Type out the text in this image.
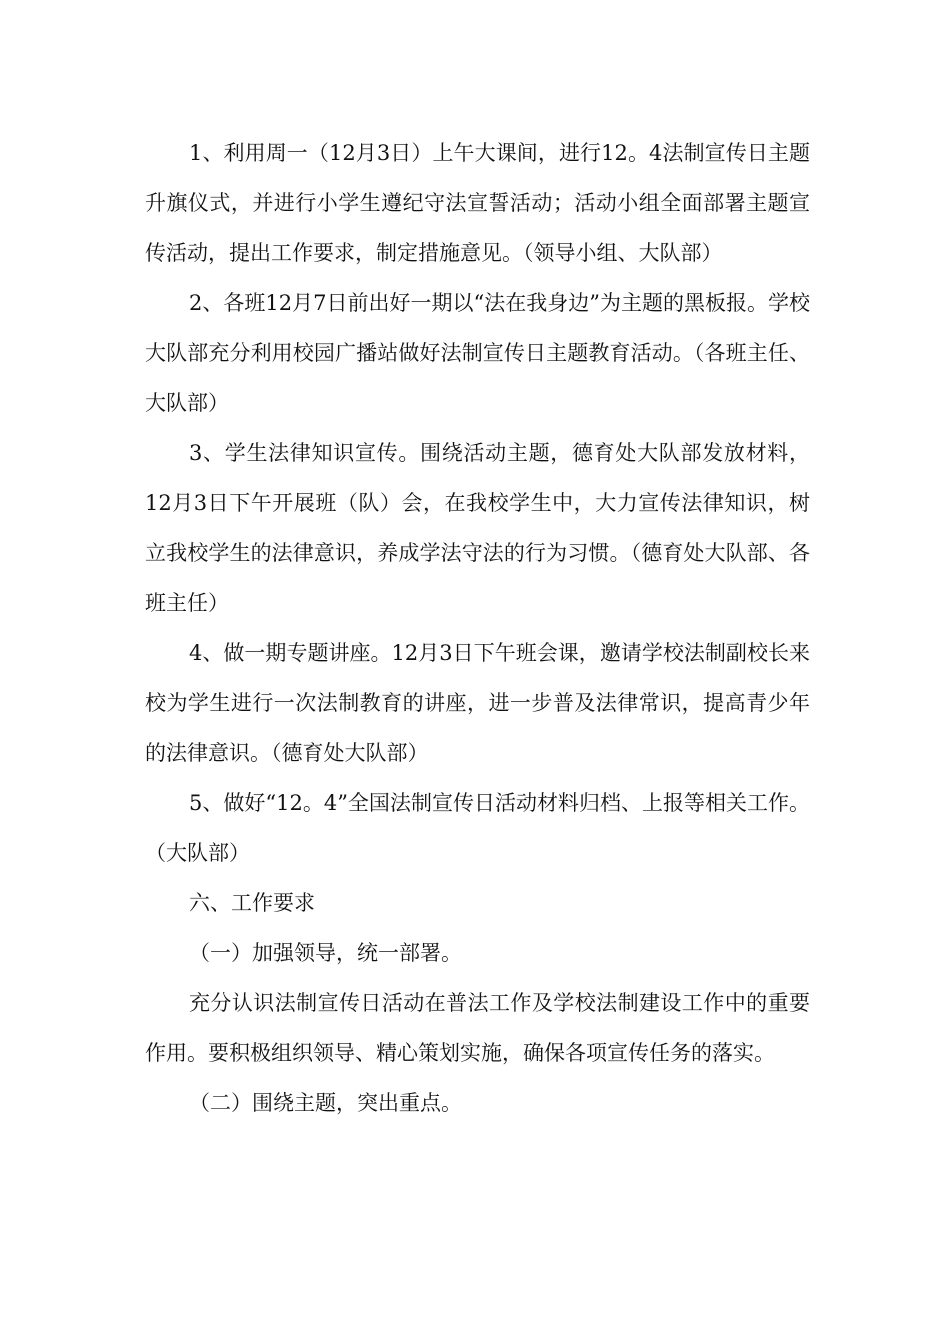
1、利用周一（12月3日）上午大课间，进行12。4法制宣传日主题升旗仪式，并进行小学生遵纪守法宣誓活动；活动小组全面部署主题宣传活动，提出工作要求，制定措施意见。（领导小组、大队部）

2、各班12月7日前出好一期以“法在我身边”为主题的黑板报。学校大队部充分利用校园广播站做好法制宣传日主题教育活动。（各班主任、大队部）

3、学生法律知识宣传。围绕活动主题，德育处大队部发放材料，12月3日下午开展班（队）会，在我校学生中，大力宣传法律知识，树立我校学生的法律意识，养成学法守法的行为习惯。（德育处大队部、各班主任）

4、做一期专题讲座。12月3日下午班会课，邀请学校法制副校长来校为学生进行一次法制教育的讲座，进一步普及法律常识，提高青少年的法律意识。（德育处大队部）

5、做好“12。4”全国法制宣传日活动材料归档、上报等相关工作。（大队部）

六、工作要求

（一）加强领导，统一部署。

充分认识法制宣传日活动在普法工作及学校法制建设工作中的重要作用。要积极组织领导、精心策划实施，确保各项宣传任务的落实。

（二）围绕主题，突出重点。
